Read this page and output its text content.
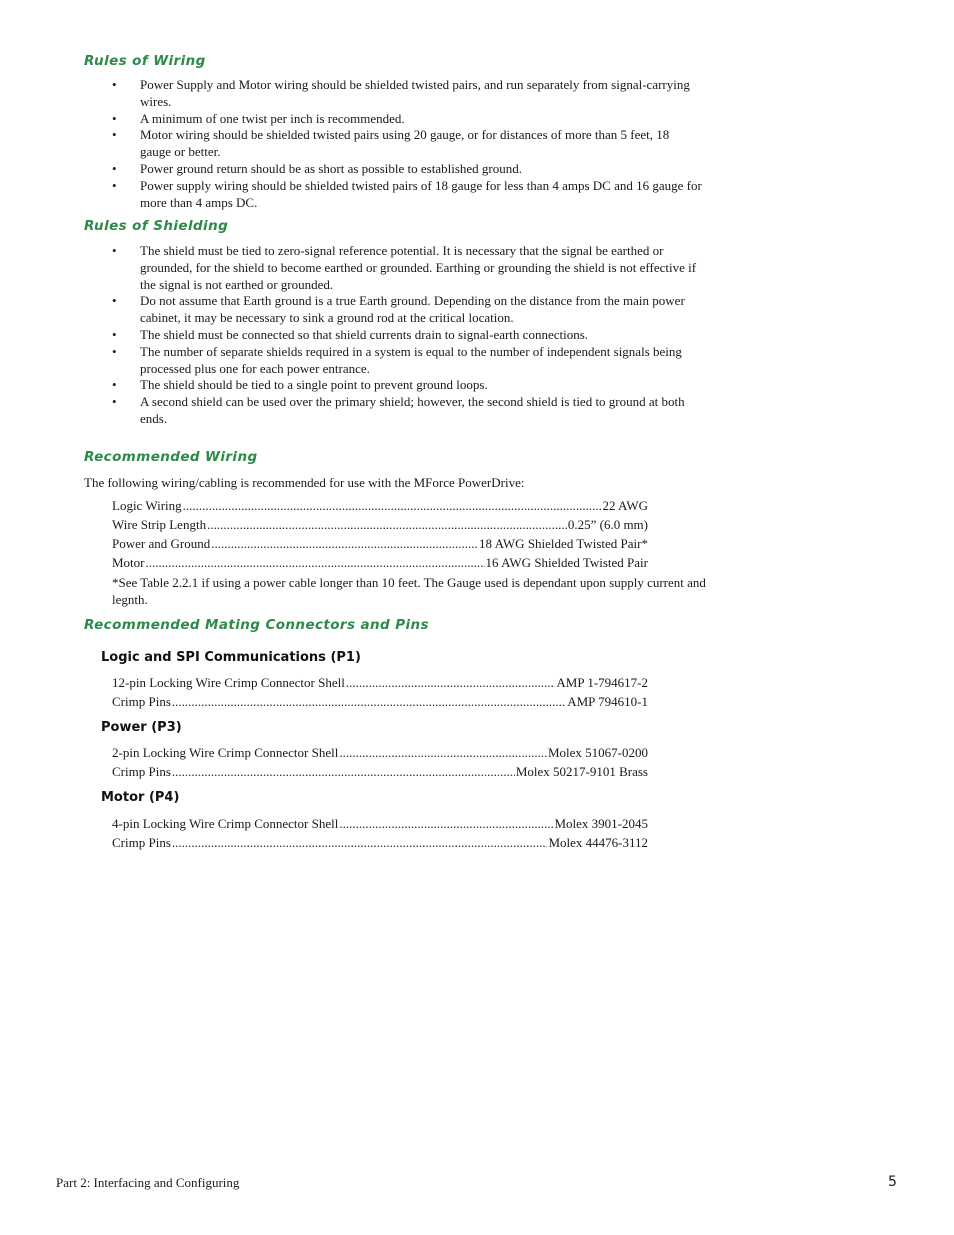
Rules of Wiring
• Power Supply and Motor wiring should be shielded twisted pairs, and run separately from signal-carrying wires.
• A minimum of one twist per inch is recommended.
• Motor wiring should be shielded twisted pairs using 20 gauge, or for distances of more than 5 feet, 18 gauge or better.
• Power ground return should be as short as possible to established ground.
• Power supply wiring should be shielded twisted pairs of 18 gauge for less than 4 amps DC and 16 gauge for more than 4 amps DC.
Rules of Shielding
• The shield must be tied to zero-signal reference potential. It is necessary that the signal be earthed or grounded, for the shield to become earthed or grounded. Earthing or grounding the shield is not effective if the signal is not earthed or grounded.
• Do not assume that Earth ground is a true Earth ground. Depending on the distance from the main power cabinet, it may be necessary to sink a ground rod at the critical location.
• The shield must be connected so that shield currents drain to signal-earth connections.
• The number of separate shields required in a system is equal to the number of independent signals being processed plus one for each power entrance.
• The shield should be tied to a single point to prevent ground loops.
• A second shield can be used over the primary shield; however, the second shield is tied to ground at both ends.
Recommended Wiring

The following wiring/cabling is recommended for use with the MForce PowerDrive:

Logic Wiring .....	22 AWG
Wire Strip Length .....	0.25” (6.0 mm)
Power and Ground .....	18 AWG Shielded Twisted Pair*
Motor .....	16 AWG Shielded Twisted Pair

*See Table 2.2.1 if using a power cable longer than 10 feet. The Gauge used is dependant upon supply current and legnth.

Recommended Mating Connectors and Pins
Logic and SPI Communications (P1)
12-pin Locking Wire Crimp Connector Shell .....	AMP 1-794617-2
Crimp Pins .....	AMP 794610-1
Power (P3)
2-pin Locking Wire Crimp Connector Shell .....	Molex 51067-0200
Crimp Pins .....	Molex 50217-9101 Brass
Motor (P4)
4-pin Locking Wire Crimp Connector Shell .....	Molex 3901-2045
Crimp Pins .....	Molex 44476-3112

Part 2: Interfacing and Configuring	5
